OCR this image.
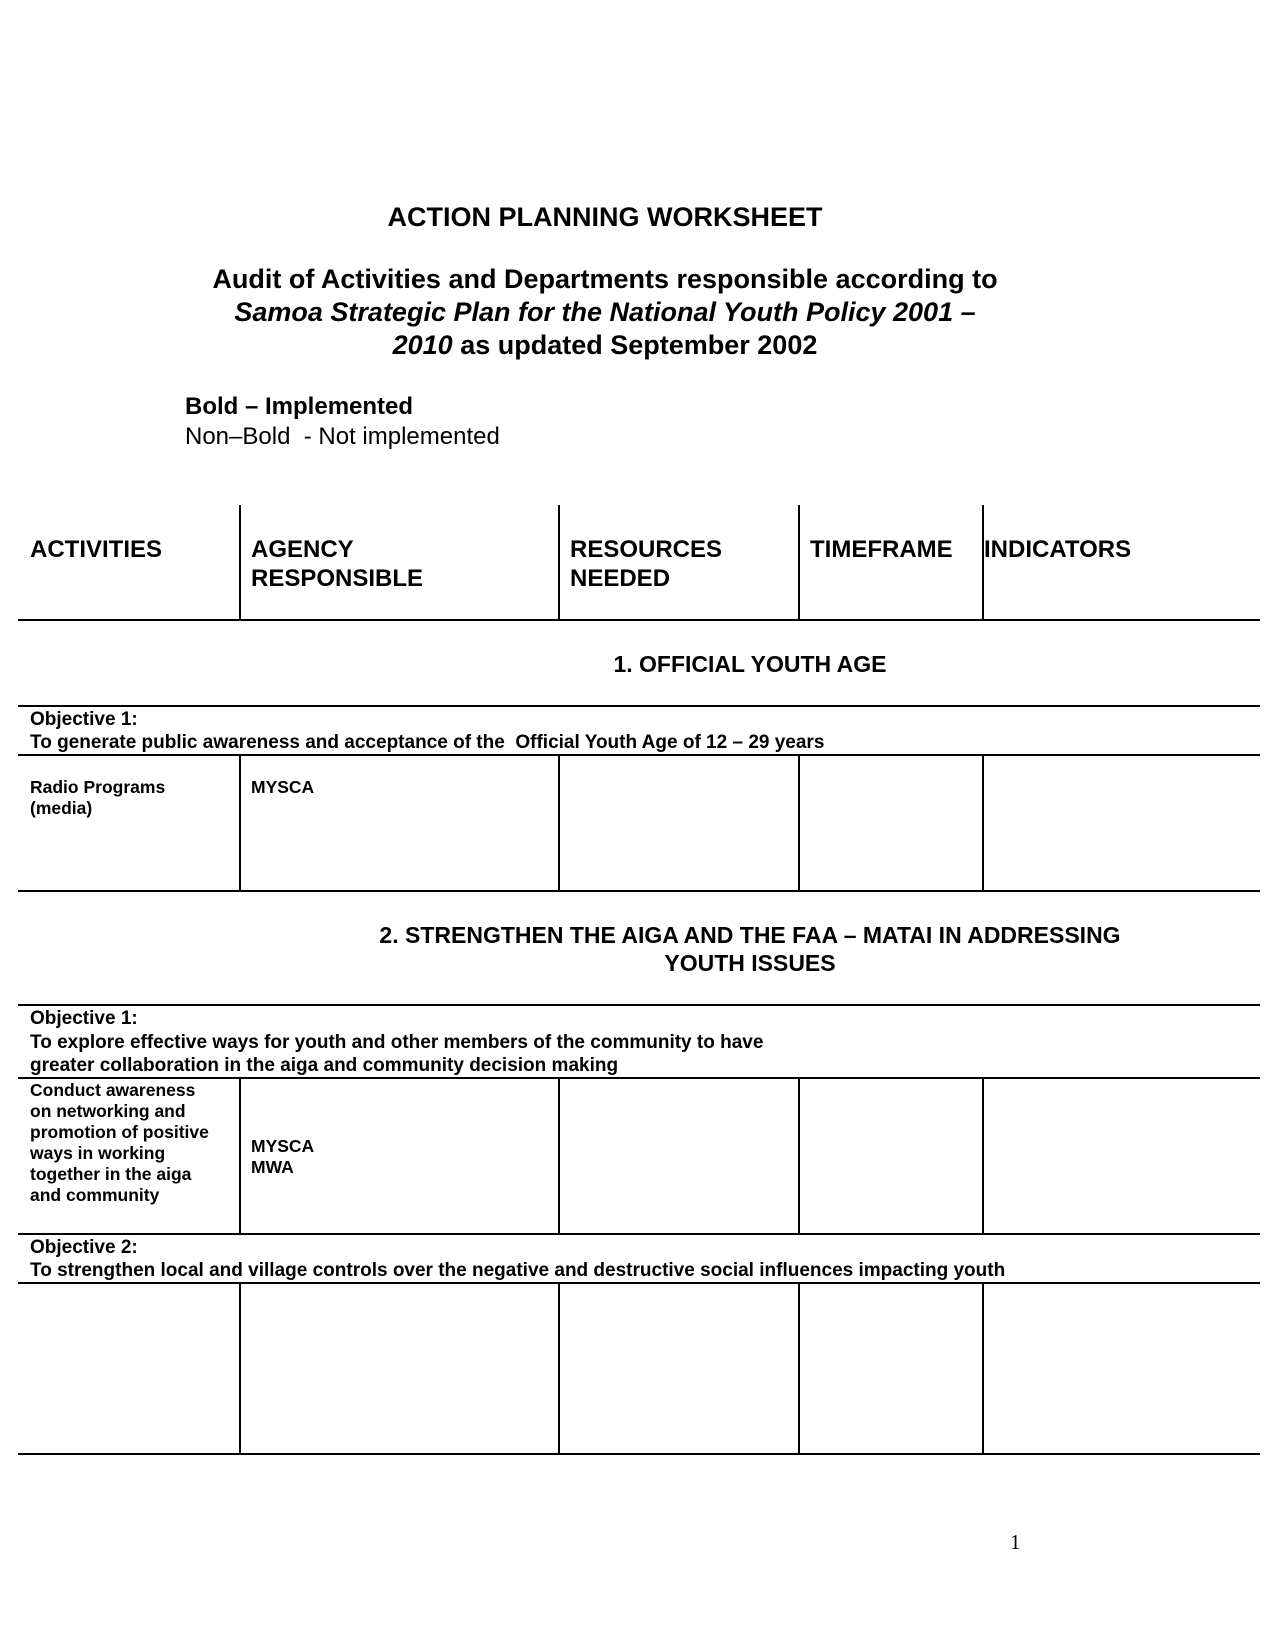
ACTION PLANNING WORKSHEET
Audit of Activities and Departments responsible according to
Samoa Strategic Plan for the National Youth Policy 2001 –
2010 as updated September 2002
Bold – Implemented
Non–Bold  - Not implemented
ACTIVITIES	AGENCY
RESPONSIBLE
RESOURCES
NEEDED
TIMEFRAME INDICATORS
1. OFFICIAL YOUTH AGE
Objective 1:
To generate public awareness and acceptance of the  Official Youth Age of 12 – 29 years
Radio Programs
(media)
MYSCA
2. STRENGTHEN THE AIGA AND THE FAA – MATAI IN ADDRESSING
YOUTH ISSUES
Objective 1:
To explore effective ways for youth and other members of the community to have
greater collaboration in the aiga and community decision making
Conduct awareness
on networking and
promotion of positive
ways in working
together in the aiga
and community
MYSCA
MWA
Objective 2:
To strengthen local and village controls over the negative and destructive social influences impacting youth
1
